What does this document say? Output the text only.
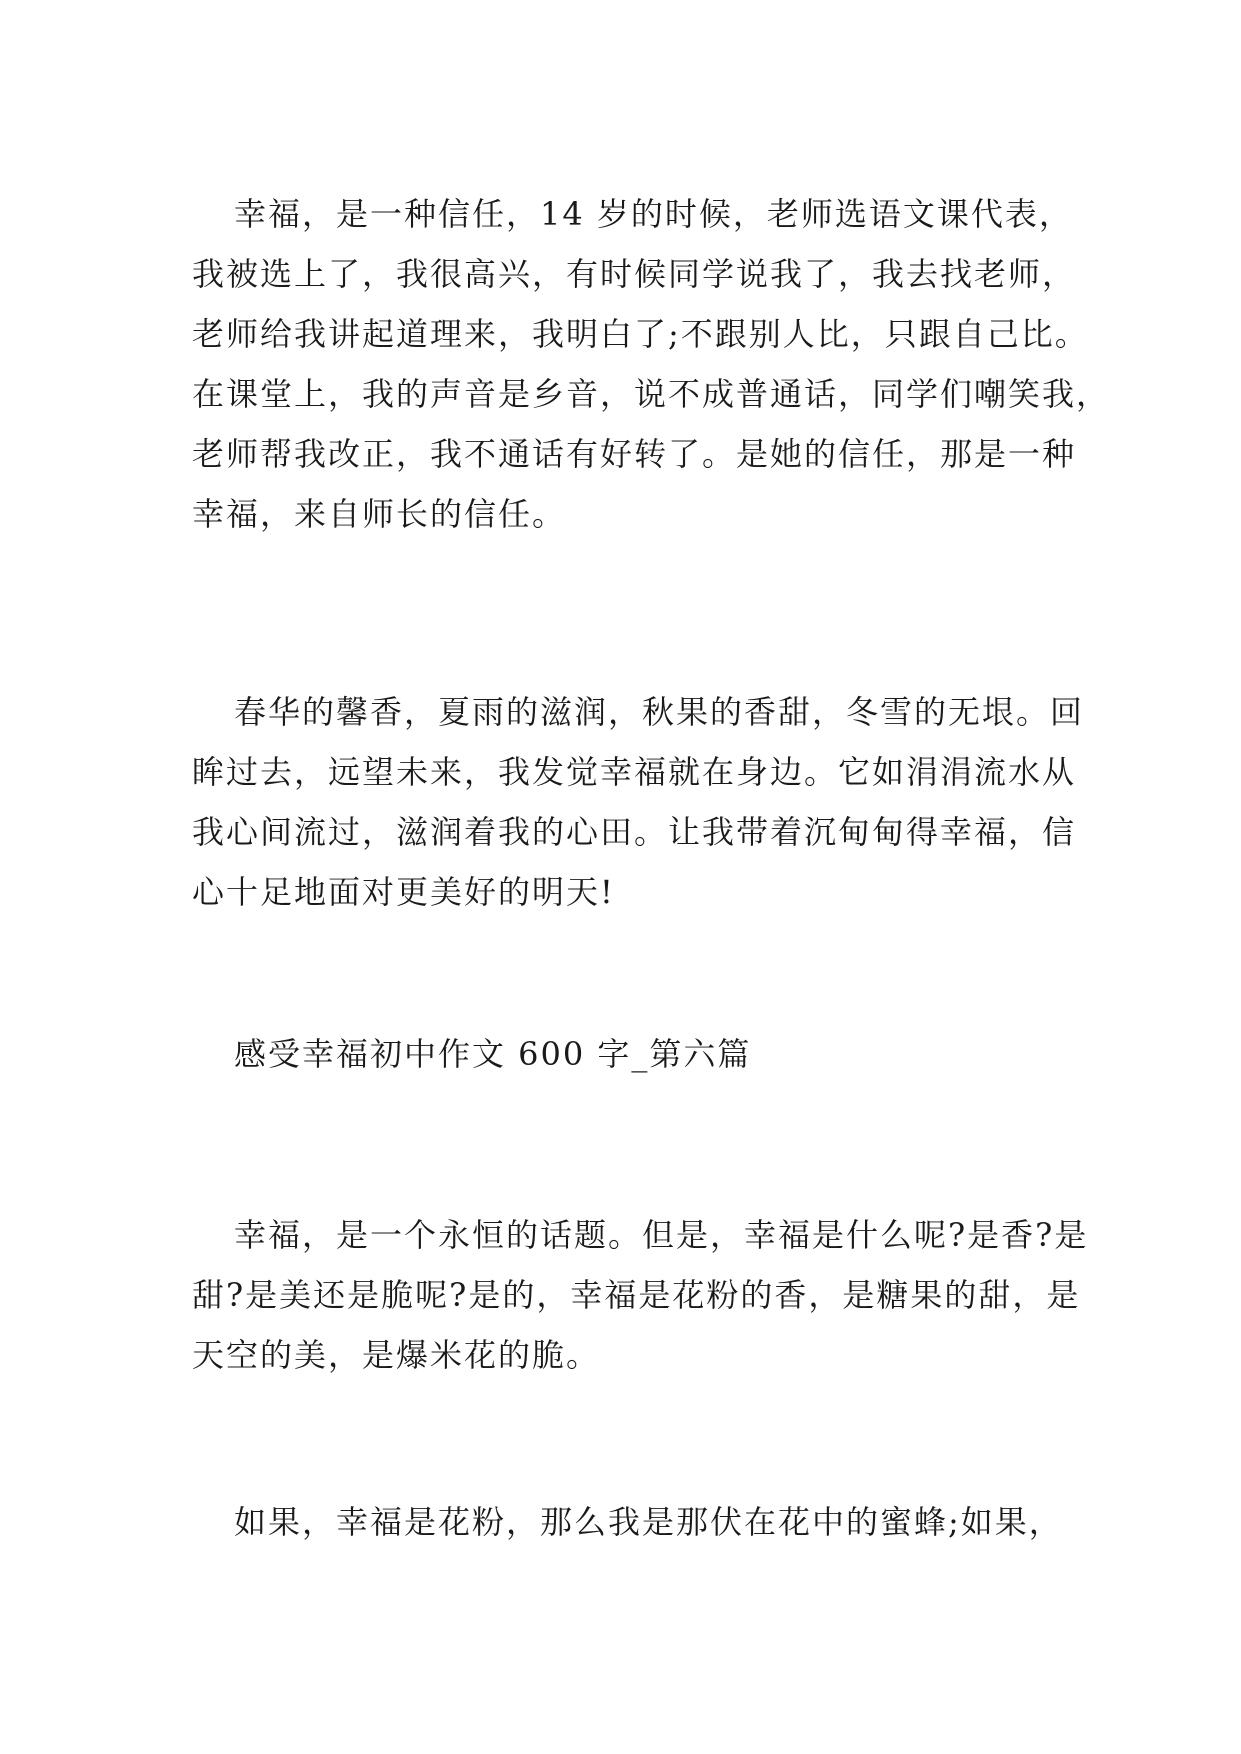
幸福，是一种信任，14 岁的时候，老师选语文课代表，
我被选上了，我很高兴，有时候同学说我了，我去找老师，
老师给我讲起道理来，我明白了;不跟别人比，只跟自己比。
在课堂上，我的声音是乡音，说不成普通话，同学们嘲笑我，
老师帮我改正，我不通话有好转了。是她的信任，那是一种
幸福，来自师长的信任。

春华的馨香，夏雨的滋润，秋果的香甜，冬雪的无垠。回
眸过去，远望未来，我发觉幸福就在身边。它如涓涓流水从
我心间流过，滋润着我的心田。让我带着沉甸甸得幸福，信
心十足地面对更美好的明天!

感受幸福初中作文 600 字_第六篇

幸福，是一个永恒的话题。但是，幸福是什么呢?是香?是
甜?是美还是脆呢?是的，幸福是花粉的香，是糖果的甜，是
天空的美，是爆米花的脆。

如果，幸福是花粉，那么我是那伏在花中的蜜蜂;如果，
